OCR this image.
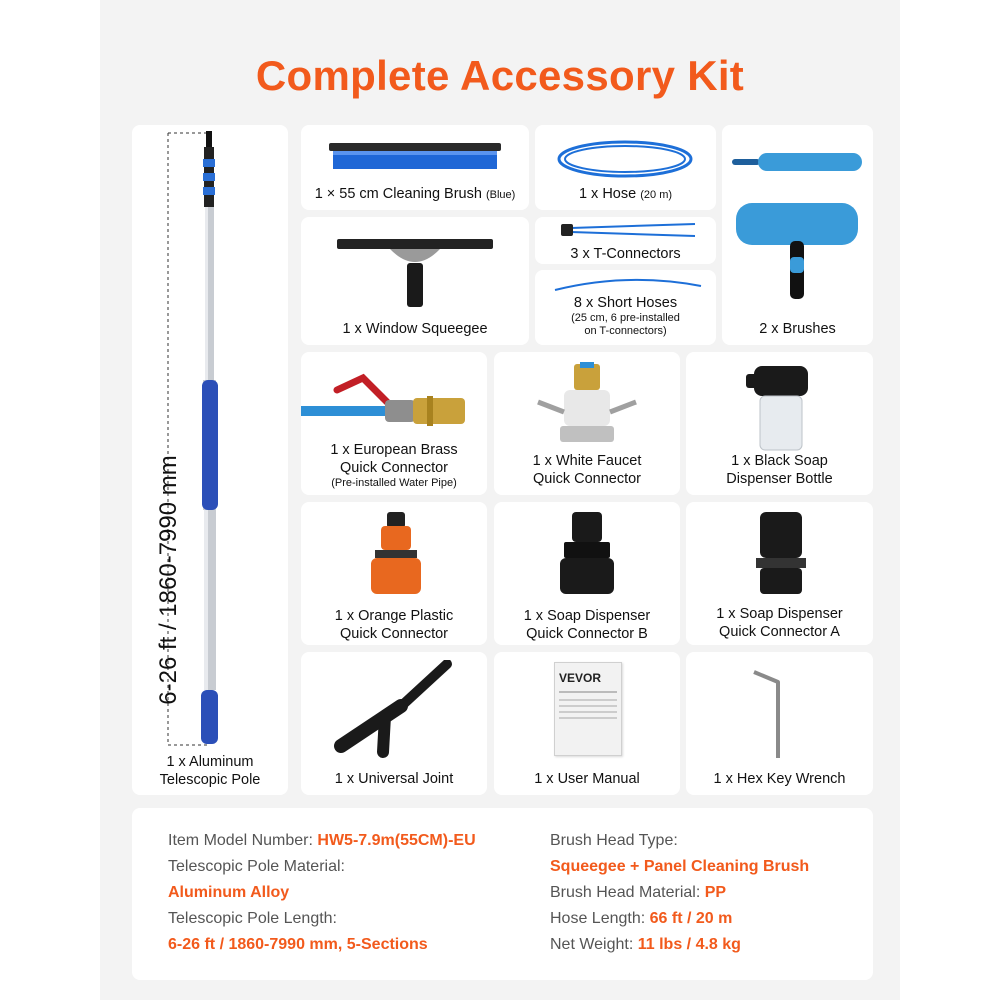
Complete Accessory Kit
6-26 ft / 1860-7990 mm
1 x Aluminum
Telescopic Pole
1 × 55 cm Cleaning Brush (Blue)	1 x Hose (20 m)
1 x Window Squeegee
3 x T-Connectors
8 x Short Hoses
(25 cm, 6 pre-installed
on T-connectors)	2 x Brushes
1 x European Brass
Quick Connector
(Pre-installed Water Pipe)
1 x White Faucet
Quick Connector
1 x Black Soap
Dispenser Bottle
1 x Orange Plastic
Quick Connector
1 x Soap Dispenser
Quick Connector B
1 x Soap Dispenser
Quick Connector A
1 x Universal Joint
VEVOR
1 x User Manual	1 x Hex Key Wrench
Item Model Number: HW5-7.9m(55CM)-EU
Telescopic Pole Material:
Aluminum Alloy
Telescopic Pole Length:
6-26 ft / 1860-7990 mm, 5-Sections
Brush Head Type:
Squeegee + Panel Cleaning Brush
Brush Head Material: PP
Hose Length: 66 ft / 20 m
Net Weight: 11 lbs / 4.8 kg
